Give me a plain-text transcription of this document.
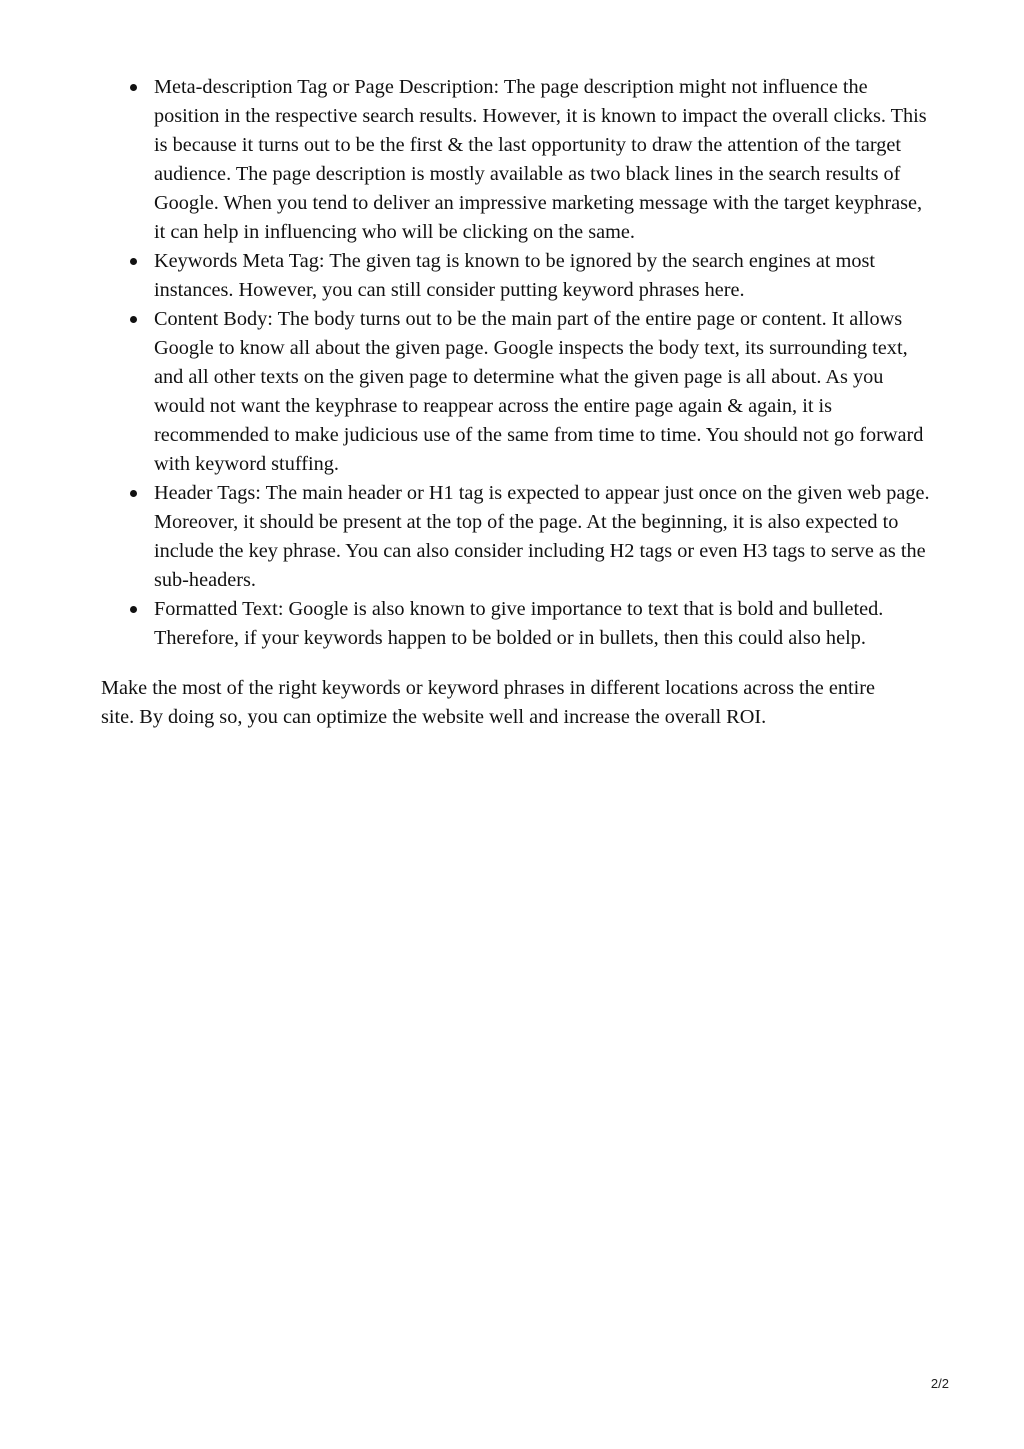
Meta-description Tag or Page Description: The page description might not influence the position in the respective search results. However, it is known to impact the overall clicks. This is because it turns out to be the first & the last opportunity to draw the attention of the target audience. The page description is mostly available as two black lines in the search results of Google. When you tend to deliver an impressive marketing message with the target keyphrase, it can help in influencing who will be clicking on the same.
Keywords Meta Tag: The given tag is known to be ignored by the search engines at most instances. However, you can still consider putting keyword phrases here.
Content Body: The body turns out to be the main part of the entire page or content. It allows Google to know all about the given page. Google inspects the body text, its surrounding text, and all other texts on the given page to determine what the given page is all about. As you would not want the keyphrase to reappear across the entire page again & again, it is recommended to make judicious use of the same from time to time. You should not go forward with keyword stuffing.
Header Tags: The main header or H1 tag is expected to appear just once on the given web page. Moreover, it should be present at the top of the page. At the beginning, it is also expected to include the key phrase. You can also consider including H2 tags or even H3 tags to serve as the sub-headers.
Formatted Text: Google is also known to give importance to text that is bold and bulleted. Therefore, if your keywords happen to be bolded or in bullets, then this could also help.

Make the most of the right keywords or keyword phrases in different locations across the entire site. By doing so, you can optimize the website well and increase the overall ROI.

2/2
